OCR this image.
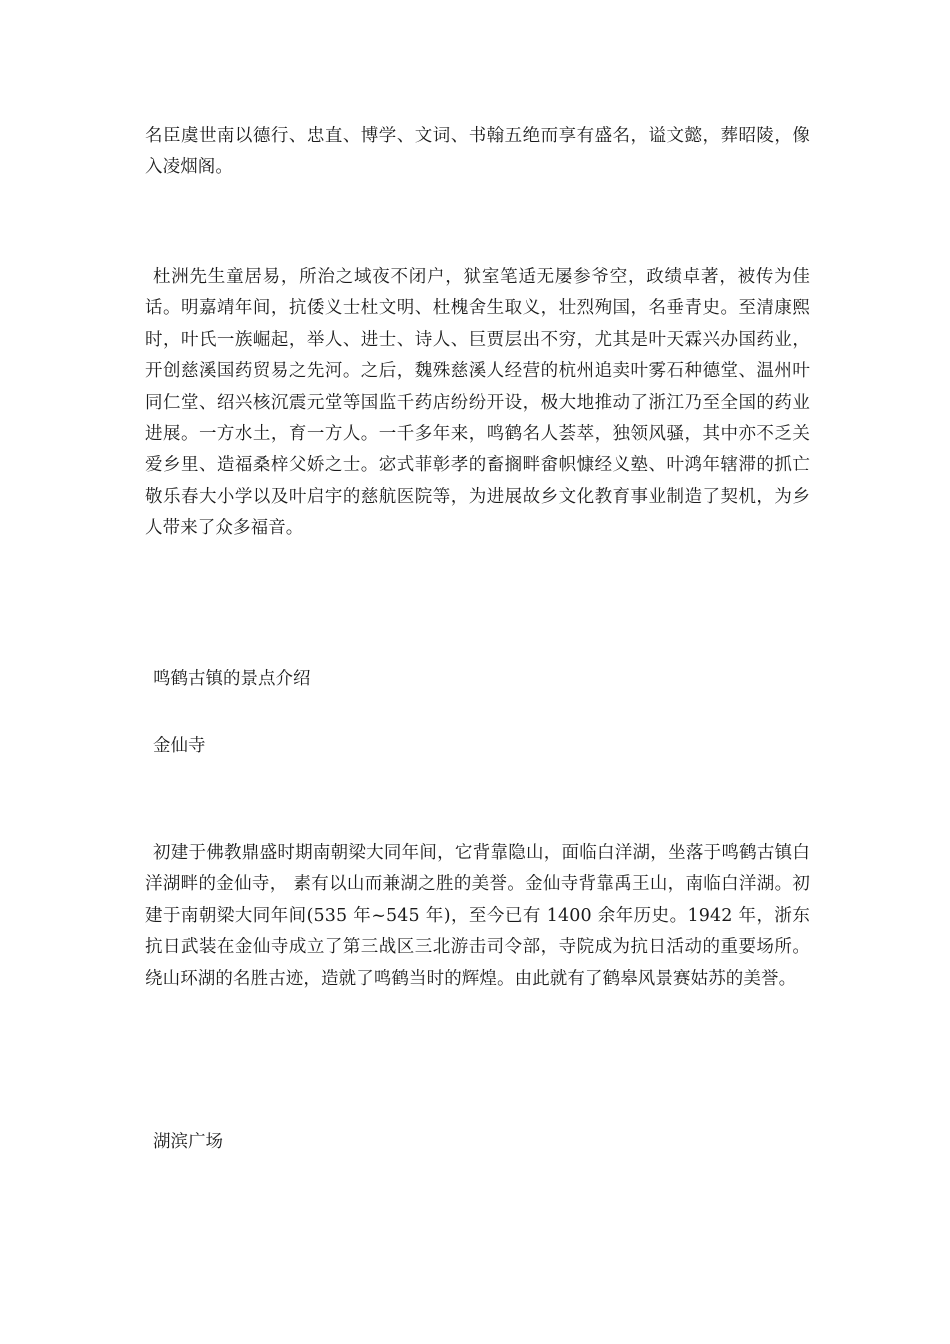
名臣虞世南以德行、忠直、博学、文词、书翰五绝而享有盛名，谥文懿，葬昭陵，像入凌烟阁。

杜洲先生童居易，所治之域夜不闭户，狱室笔适无屡参爷空，政绩卓著，被传为佳话。明嘉靖年间，抗倭义士杜文明、杜槐舍生取义，壮烈殉国，名垂青史。至清康熙时，叶氏一族崛起，举人、进士、诗人、巨贾层出不穷，尤其是叶天霖兴办国药业，开创慈溪国药贸易之先河。之后，魏殊慈溪人经营的杭州追卖叶雾石种德堂、温州叶同仁堂、绍兴核沉震元堂等国监千药店纷纷开设，极大地推动了浙江乃至全国的药业进展。一方水土，育一方人。一千多年来，鸣鹤名人荟萃，独领风骚，其中亦不乏关爱乡里、造福桑梓父娇之士。宓式菲彰孝的畜搁畔畲帜慷经义塾、叶鸿年辖滞的抓亡敬乐春大小学以及叶启宇的慈航医院等，为进展故乡文化教育事业制造了契机，为乡人带来了众多福音。

鸣鹤古镇的景点介绍

金仙寺

初建于佛教鼎盛时期南朝梁大同年间，它背靠隐山，面临白洋湖，坐落于鸣鹤古镇白洋湖畔的金仙寺， 素有以山而兼湖之胜的美誉。金仙寺背靠禹王山，南临白洋湖。初建于南朝梁大同年间(535 年~545 年)，至今已有 1400 余年历史。1942 年，浙东抗日武装在金仙寺成立了第三战区三北游击司令部，寺院成为抗日活动的重要场所。绕山环湖的名胜古迹，造就了鸣鹤当时的辉煌。由此就有了鹤皋风景赛姑苏的美誉。

湖滨广场
